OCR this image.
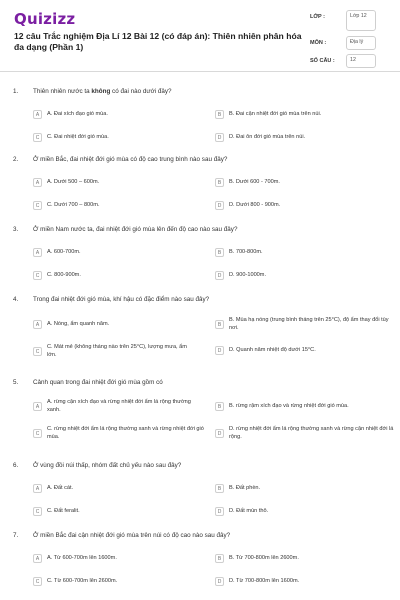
Quizizz
12 câu Trắc nghiệm Địa Lí 12 Bài 12 (có đáp án): Thiên nhiên phân hóa đa dạng (Phần 1)
LỚP :	Lớp 12
MÔN :	Địa lý
SỐ CÂU :	12
1. Thiên nhiên nước ta không có đai nào dưới đây?
A	A. Đai xích đạo gió mùa.	B	B. Đai cận nhiệt đới gió mùa trên núi.
C	C. Đai nhiệt đới gió mùa.	D	D. Đai ôn đới gió mùa trên núi.
2. Ở miền Bắc, đai nhiệt đới gió mùa có độ cao trung bình nào sau đây?
A	A. Dưới 500 – 600m.	B	B. Dưới 600 - 700m.
C	C. Dưới 700 – 800m.	D	D. Dưới 800 - 900m.
3. Ở miền Nam nước ta, đai nhiệt đới gió mùa lên đến độ cao nào sau đây?
A	A. 600-700m.	B	B. 700-800m.
C	C. 800-900m.	D	D. 900-1000m.
4. Trong đai nhiệt đới gió mùa, khí hậu có đặc điểm nào sau đây?
A	A. Nóng, ẩm quanh năm.	B
B. Mùa hạ nóng (trung bình tháng trên 25°C), độ ẩm thay đổi tùy nơi.
C
C. Mát mẻ (không tháng nào trên 25°C), lượng mưa, ẩm lớn.
D	D. Quanh năm nhiệt độ dưới 15°C.
5. Cảnh quan trong đai nhiệt đới gió mùa gồm có
A
A. rừng cận xích đạo và rừng nhiệt đới ẩm lá rộng thường xanh.	B	B. rừng rậm xích đạo và rừng nhiệt đới gió mùa.
C
C. rừng nhiệt đới ẩm lá rộng thường xanh và rừng nhiệt đới gió mùa.	D
D. rừng nhiệt đới ẩm lá rộng thường xanh và rừng cận nhiệt đới lá rộng.
6. Ở vùng đồi núi thấp, nhóm đất chủ yếu nào sau đây?
A	A. Đất cát.	B	B. Đất phèn.
C	C. Đất feralit.	D	D. Đất mùn thô.
7. Ở miền Bắc đai cận nhiệt đới gió mùa trên núi có độ cao nào sau đây?
A	A. Từ 600-700m lên 1600m.	B	B. Từ 700-800m lên 2600m.
C	C. Từ 600-700m lên 2600m.	D	D. Từ 700-800m lên 1600m.
